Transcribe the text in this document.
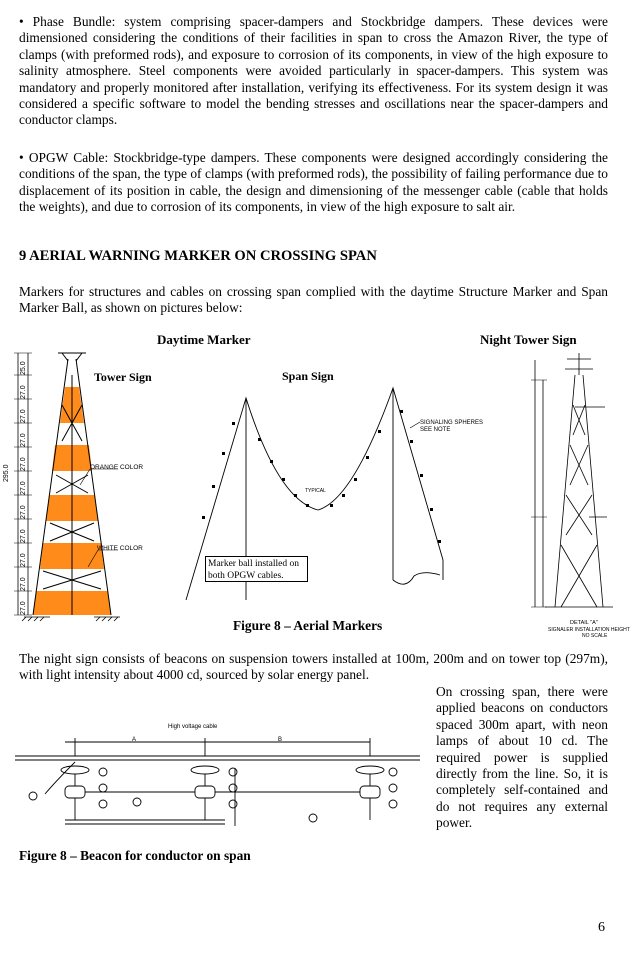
• Phase Bundle: system comprising spacer-dampers and Stockbridge dampers. These devices were dimensioned considering the conditions of their facilities in span to cross the Amazon River, the type of clamps (with preformed rods), and exposure to corrosion of its components, in view of the high exposure to salinity atmosphere. Steel components were avoided particularly in spacer-dampers. This system was mandatory and properly monitored after installation, verifying its effectiveness. For its system design it was considered a specific software to model the bending stresses and oscillations near the spacer-dampers and conductor clamps.

• OPGW Cable: Stockbridge-type dampers. These components were designed accordingly considering the conditions of the span, the type of clamps (with preformed rods), the possibility of failing performance due to displacement of its position in cable, the design and dimensioning of the messenger cable (cable that holds the weights), and due to corrosion of its components, in view of the high exposure to salt air.

9 AERIAL WARNING MARKER ON CROSSING SPAN

Markers for structures and cables on crossing span complied with the daytime Structure Marker and Span Marker Ball, as shown on pictures below:

Daytime Marker	Night Tower Sign
295.0
27.0
27.0
27.0
27.0
27.0
27.0
27.0
27.0
27.0
27.0
25.0
ORANGE COLOR
WHITE COLOR
Tower Sign	Span Sign
SIGNALING SPHERES
SEE NOTE
TYPICAL
Marker ball installed on both OPGW cables.
DETAIL "A"
SIGNALER INSTALLATION HEIGHT
NO SCALE
Figure 8 – Aerial Markers

The night sign consists of beacons on suspension towers installed at 100m, 200m and on tower top (297m), with light intensity about 4000 cd, sourced by solar energy panel.

On crossing span, there were applied beacons on conductors spaced 300m apart, with neon lamps of about 10 cd. The required power is supplied directly from the line. So, it is completely self-contained and do not requires any external power.

High voltage cable
A	B
Figure 8 – Beacon for conductor on span
6
